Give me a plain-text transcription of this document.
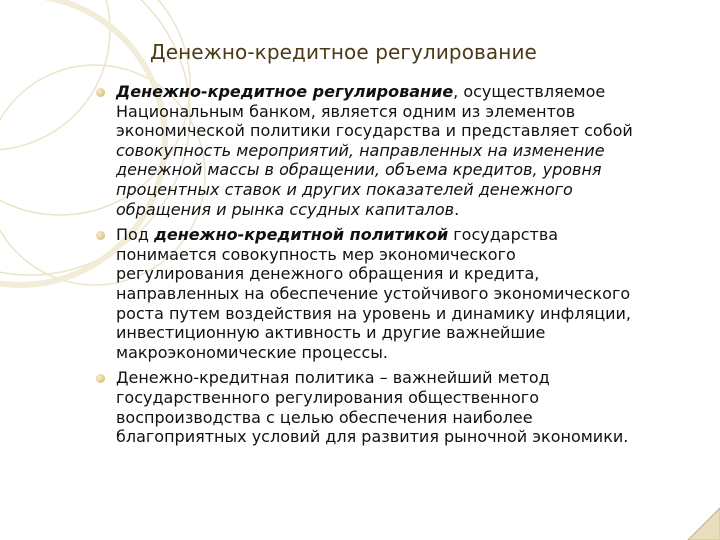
Денежно-кредитное регулирование
Денежно-кредитное регулирование, осуществляемое
Национальным банком, является одним из элементов
экономической политики государства и представляет собой
совокупность мероприятий, направленных на изменение
денежной массы в обращении, объема кредитов, уровня
процентных ставок и других показателей денежного
обращения и рынка ссудных капиталов.
Под денежно-кредитной политикой государства
понимается совокупность мер экономического
регулирования денежного обращения и кредита,
направленных на обеспечение устойчивого экономического
роста путем воздействия на уровень и динамику инфляции,
инвестиционную активность и другие важнейшие
макроэкономические процессы.
Денежно-кредитная политика – важнейший метод
государственного регулирования общественного
воспроизводства с целью обеспечения наиболее
благоприятных условий для развития рыночной экономики.
